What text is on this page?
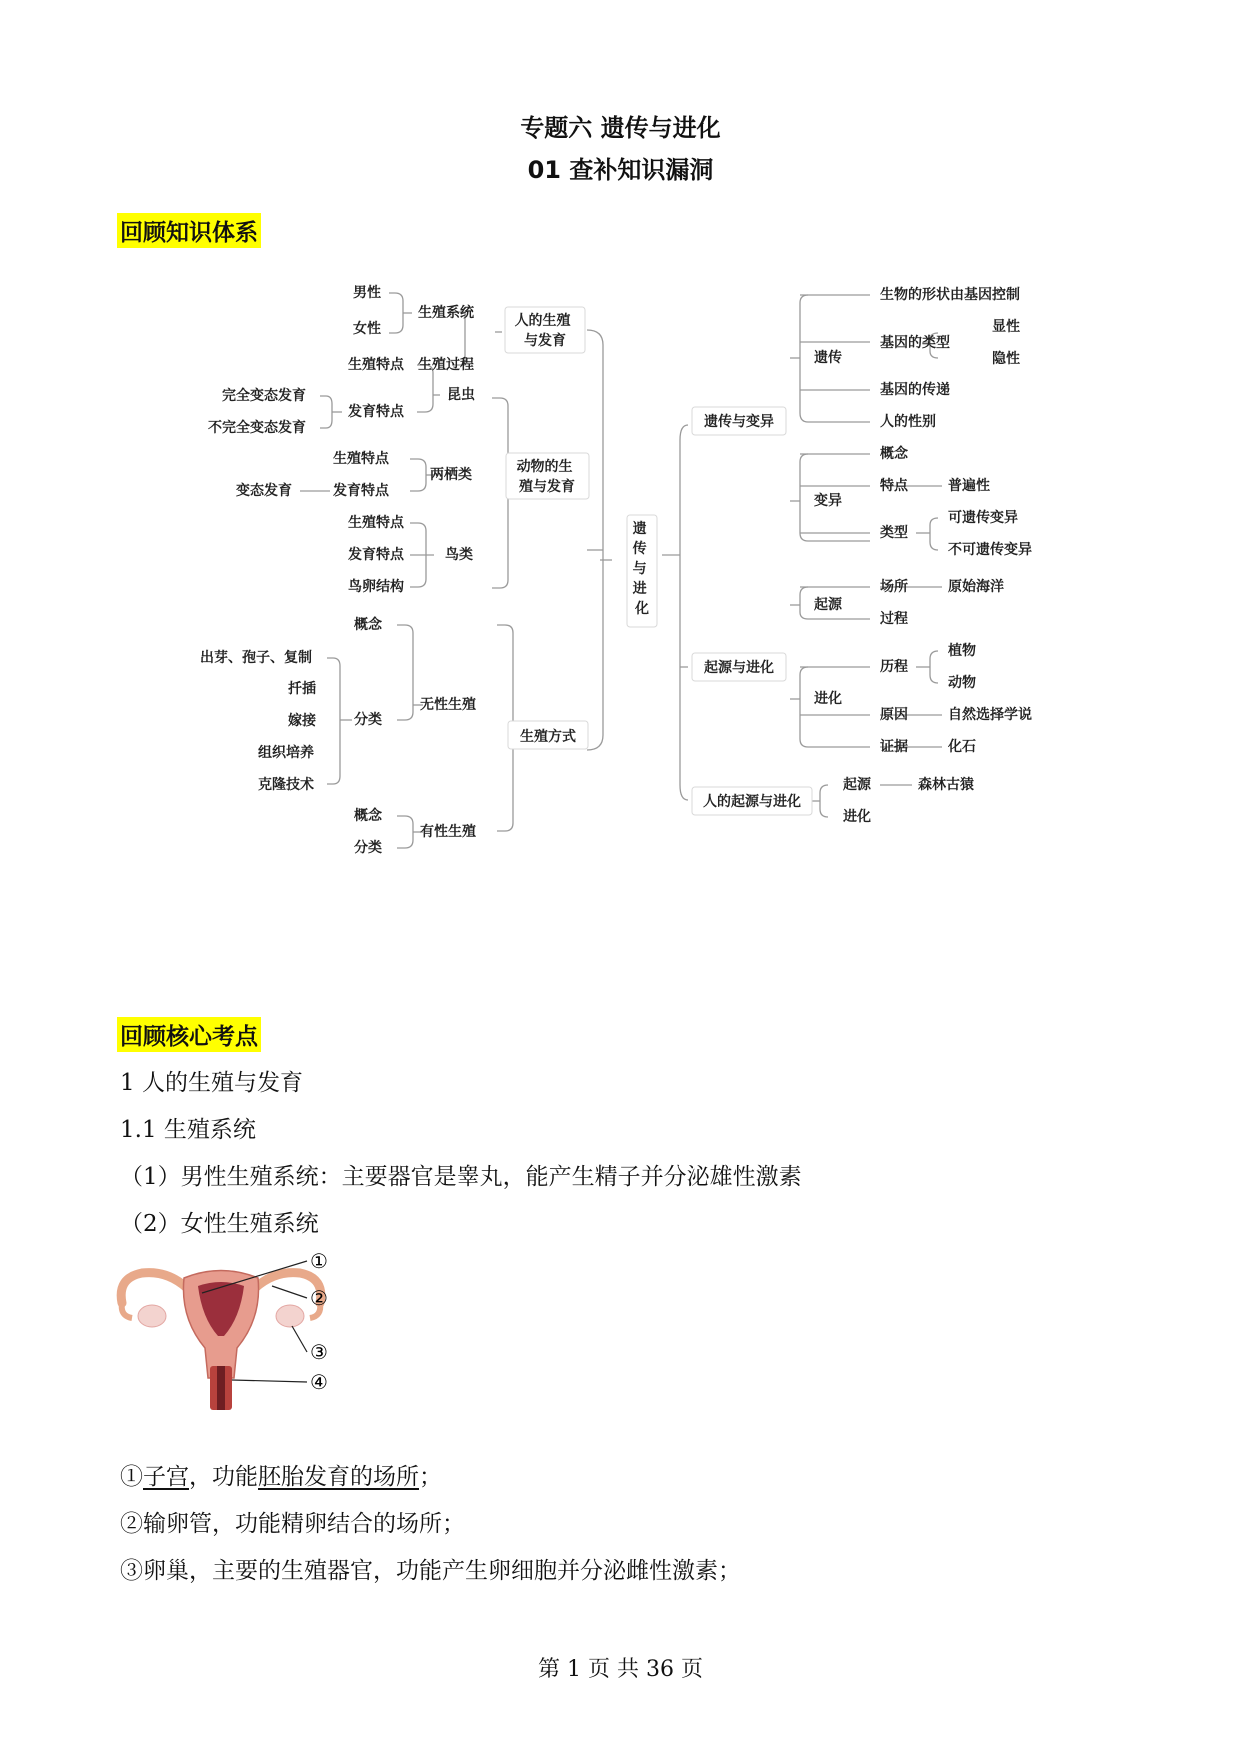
专题六 遗传与进化
01 查补知识漏洞
回顾知识体系
遗 传 与 进 化
人的生殖 与发育
动物的生 殖与发育
生殖方式
生殖系统
生殖过程
男性
女性
昆虫
生殖特点
发育特点
完全变态发育
不完全变态发育
两栖类
生殖特点
发育特点
变态发育
鸟类
生殖特点
发育特点
鸟卵结构
无性生殖
概念
分类
出芽、孢子、复制
扦插
嫁接
组织培养
克隆技术
有性生殖
概念
分类
遗传与变异
起源与进化
人的起源与进化
遗传
生物的形状由基因控制
基因的类型
显性
隐性
基因的传递
人的性别
变异
概念
特点	普遍性
类型
可遗传变异
不可遗传变异
起源
场所	原始海洋
过程
进化
历程
植物
动物
原因	自然选择学说
证据	化石
起源	森林古猿
进化
回顾核心考点
1 人的生殖与发育
1.1 生殖系统
（1）男性生殖系统：主要器官是睾丸，能产生精子并分泌雄性激素
（2）女性生殖系统
①
②
③
④
①子宫，功能胚胎发育的场所；
②输卵管，功能精卵结合的场所；
③卵巢，主要的生殖器官，功能产生卵细胞并分泌雌性激素；
第 1 页 共 36 页
